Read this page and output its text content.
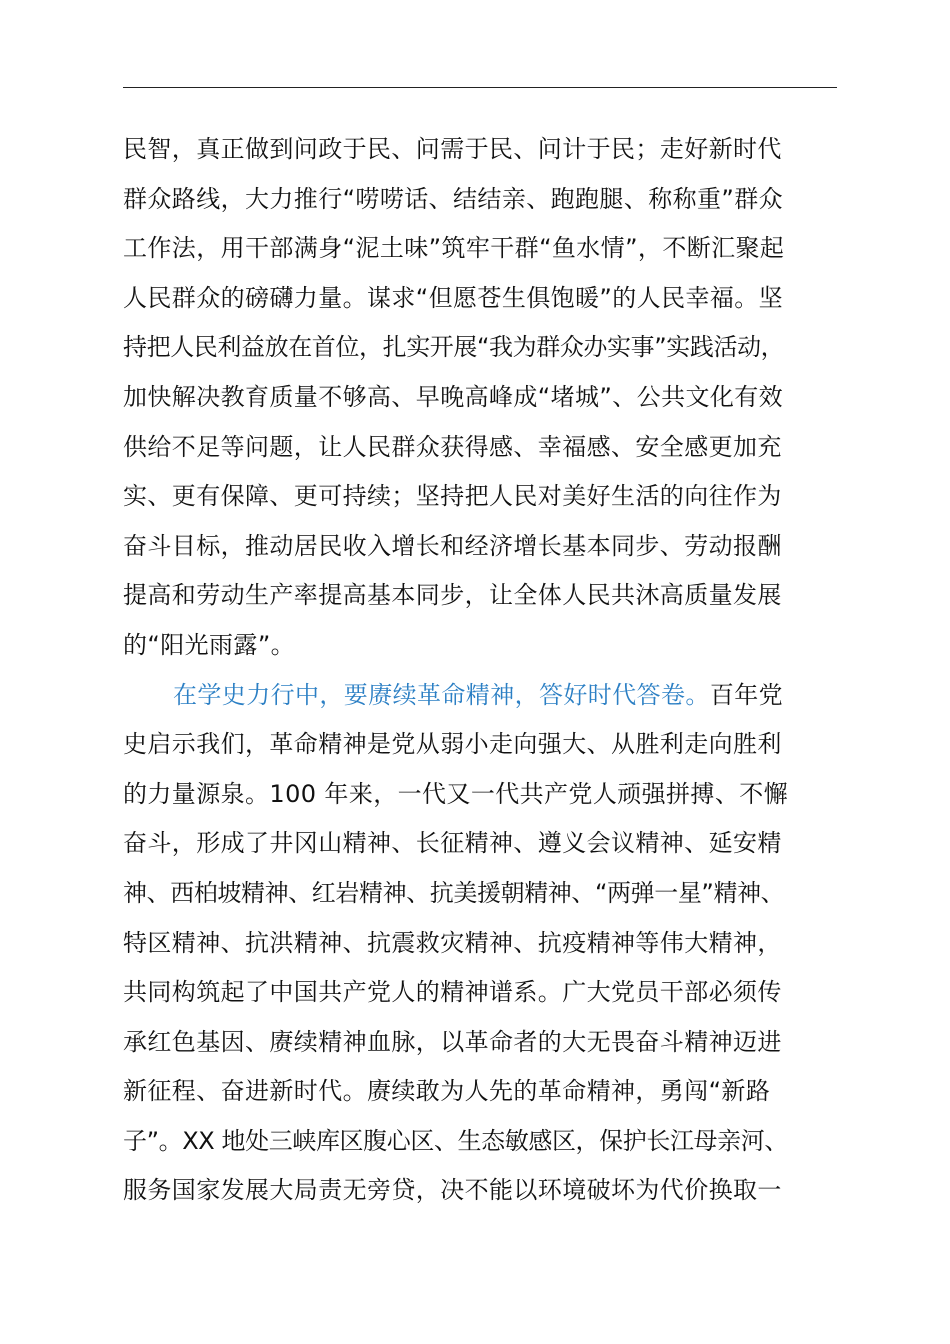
民智，真正做到问政于民、问需于民、问计于民；走好新时代
群众路线，大力推行“唠唠话、结结亲、跑跑腿、称称重”群众
工作法，用干部满身“泥土味”筑牢干群“鱼水情”，不断汇聚起
人民群众的磅礴力量。谋求“但愿苍生俱饱暖”的人民幸福。坚
持把人民利益放在首位，扎实开展“我为群众办实事”实践活动，
加快解决教育质量不够高、早晚高峰成“堵城”、公共文化有效
供给不足等问题，让人民群众获得感、幸福感、安全感更加充
实、更有保障、更可持续；坚持把人民对美好生活的向往作为
奋斗目标，推动居民收入增长和经济增长基本同步、劳动报酬
提高和劳动生产率提高基本同步，让全体人民共沐高质量发展
的“阳光雨露”。
在学史力行中，要赓续革命精神，答好时代答卷。百年党
史启示我们，革命精神是党从弱小走向强大、从胜利走向胜利
的力量源泉。100 年来，一代又一代共产党人顽强拼搏、不懈
奋斗，形成了井冈山精神、长征精神、遵义会议精神、延安精
神、西柏坡精神、红岩精神、抗美援朝精神、“两弹一星”精神、
特区精神、抗洪精神、抗震救灾精神、抗疫精神等伟大精神，
共同构筑起了中国共产党人的精神谱系。广大党员干部必须传
承红色基因、赓续精神血脉，以革命者的大无畏奋斗精神迈进
新征程、奋进新时代。赓续敢为人先的革命精神，勇闯“新路
子”。XX 地处三峡库区腹心区、生态敏感区，保护长江母亲河、
服务国家发展大局责无旁贷，决不能以环境破坏为代价换取一
